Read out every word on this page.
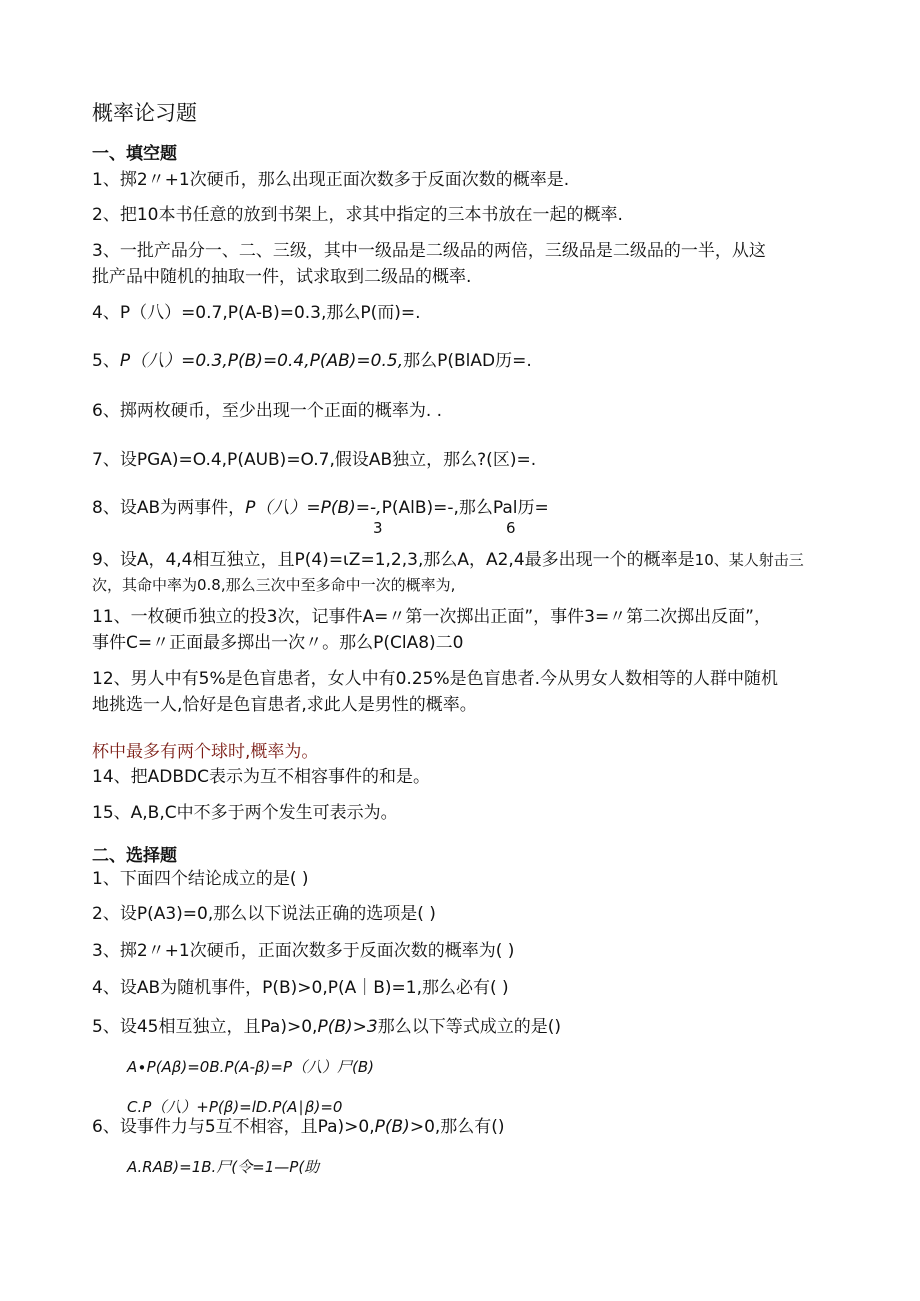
概率论习题
一、填空题
1、掷2〃+1次硬币，那么出现正面次数多于反面次数的概率是.
2、把10本书任意的放到书架上，求其中指定的三本书放在一起的概率.
3、一批产品分一、二、三级，其中一级品是二级品的两倍，三级品是二级品的一半，从这
批产品中随机的抽取一件，试求取到二级品的概率.
4、P（八）=0.7,P(A-B)=0.3,那么P(而)=.
5、P（八）=0.3,P(B)=0.4,P(AB)=0.5,那么P(BlAD历=.
6、掷两枚硬币，至少出现一个正面的概率为. .
7、设PGA)=O.4,P(AUB)=O.7,假设AB独立，那么?(区)=.
8、设AB为两事件，P（八）=P(B)=-,P(AlB)=-,那么Pal历=
3	6
9、设A，4,4相互独立，且P(4)=ιZ=1,2,3,那么A，A2,4最多出现一个的概率是10、某人射击三
次，其命中率为0.8,那么三次中至多命中一次的概率为,
11、一枚硬币独立的投3次，记事件A=〃第一次掷出正面”，事件3=〃第二次掷出反面”，
事件C=〃正面最多掷出一次〃。那么P(ClA8)二0
12、男人中有5%是色盲患者，女人中有0.25%是色盲患者.今从男女人数相等的人群中随机
地挑选一人,恰好是色盲患者,求此人是男性的概率。
杯中最多有两个球时,概率为。
14、把ADBDC表示为互不相容事件的和是。
15、A,B,C中不多于两个发生可表示为。
二、选择题
1、下面四个结论成立的是( )
2、设P(A3)=0,那么以下说法正确的选项是( )
3、掷2〃+1次硬币，正面次数多于反面次数的概率为( )
4、设AB为随机事件，P(B)>0,P(A｜B)=1,那么必有( )
5、设45相互独立，且Pa)>0,P(B)>3那么以下等式成立的是()
A∙P(Aβ)=0B.P(A-β)=P（八）尸(B)
C.P（八）+P(β)=lD.P(A∣β)=0
6、设事件力与5互不相容，且Pa)>0,P(B)>0,那么有()
A.RAB)=1B.尸(令=1—P(助
